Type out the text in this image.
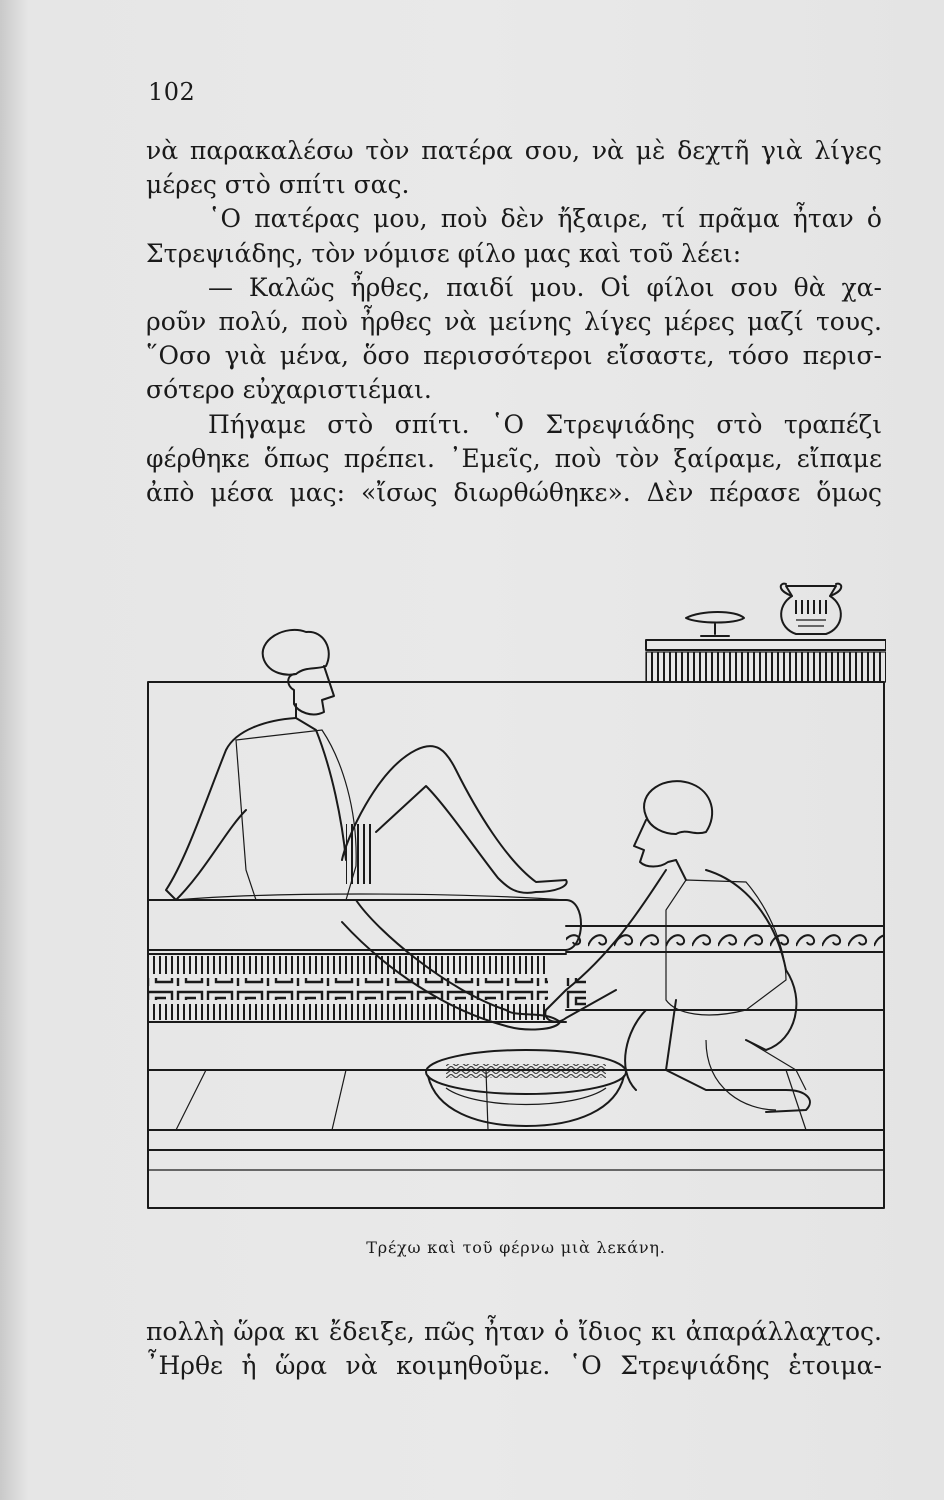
102
νὰ παρακαλέσω τὸν πατέρα σου, νὰ μὲ δεχτῆ γιὰ λίγες
μέρες στὸ σπίτι σας.
῾Ο πατέρας μου, ποὺ δὲν ἤξαιρε, τί πρᾶμα ἦταν ὁ
Στρεψιάδης, τὸν νόμισε φίλο μας καὶ τοῦ λέει:
— Καλῶς ἦρθες, παιδί μου. Οἱ φίλοι σου θὰ χα-
ροῦν πολύ, ποὺ ἦρθες νὰ μείνης λίγες μέρες μαζί τους.
῞Οσο γιὰ μένα, ὅσο περισσότεροι εἴσαστε, τόσο περισ-
σότερο εὐχαριστιέμαι.
Πήγαμε στὸ σπίτι. ῾Ο Στρεψιάδης στὸ τραπέζι
φέρθηκε ὅπως πρέπει. ᾿Εμεῖς, ποὺ τὸν ξαίραμε, εἴπαμε
ἀπὸ μέσα μας: «ἴσως διωρθώθηκε». Δὲν πέρασε ὅμως
Τρέχω καὶ τοῦ φέρνω μιὰ λεκάνη.
πολλὴ ὥρα κι ἔδειξε, πῶς ἦταν ὁ ἴδιος κι ἀπαράλλαχτος.
῏Ηρθε ἡ ὥρα νὰ κοιμηθοῦμε. ῾Ο Στρεψιάδης ἑτοιμα-
